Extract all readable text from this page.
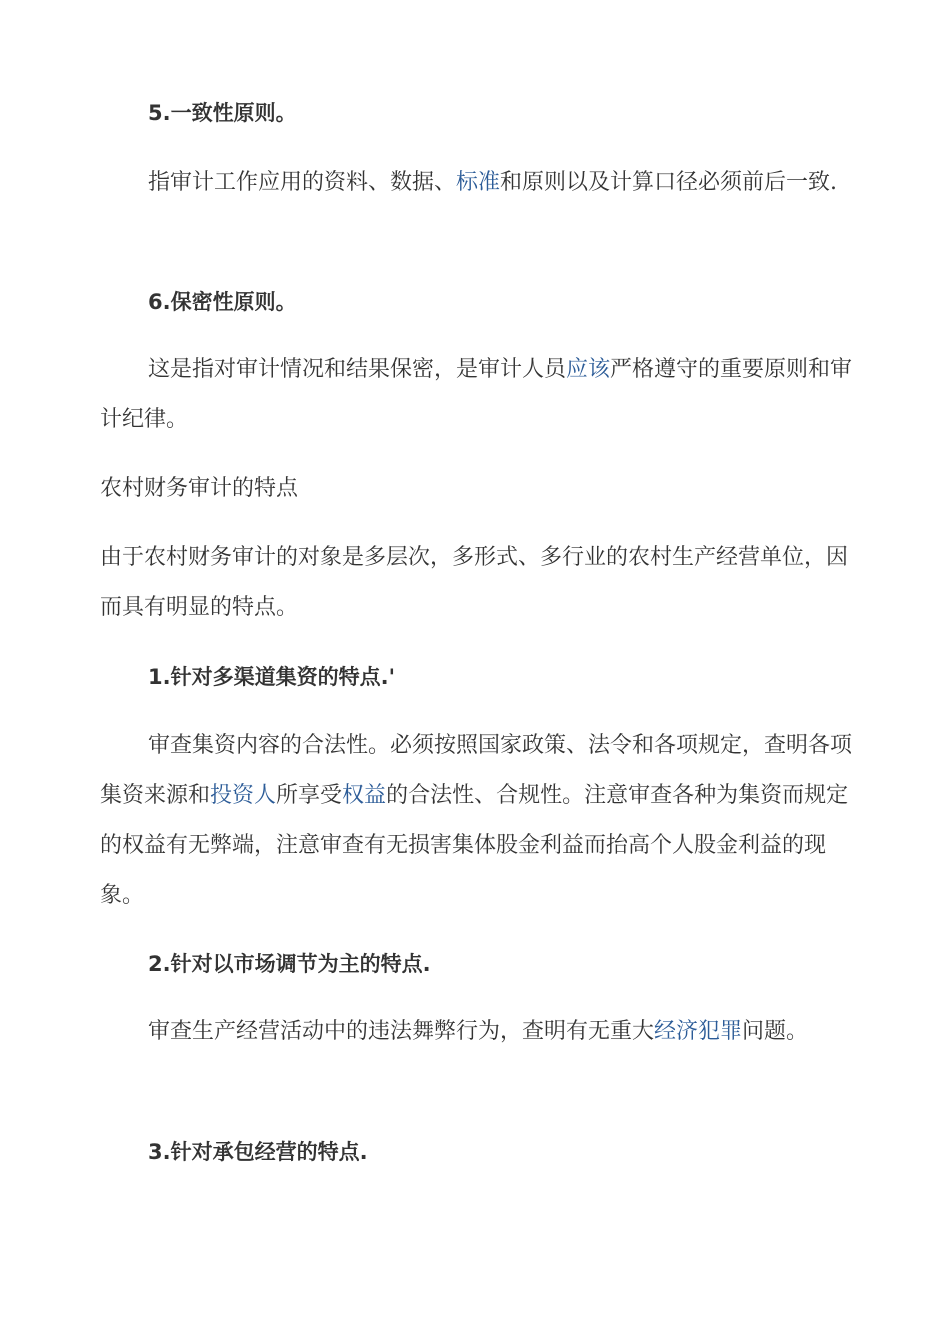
5.一致性原则。
指审计工作应用的资料、数据、标准和原则以及计算口径必须前后一致.
6.保密性原则。
这是指对审计情况和结果保密，是审计人员应该严格遵守的重要原则和审计纪律。
农村财务审计的特点
由于农村财务审计的对象是多层次，多形式、多行业的农村生产经营单位，因而具有明显的特点。
1.针对多渠道集资的特点.'
审查集资内容的合法性。必须按照国家政策、法令和各项规定，查明各项集资来源和投资人所享受权益的合法性、合规性。注意审查各种为集资而规定的权益有无弊端，注意审查有无损害集体股金利益而抬高个人股金利益的现象。
2.针对以市场调节为主的特点.
审查生产经营活动中的违法舞弊行为，查明有无重大经济犯罪问题。
3.针对承包经营的特点.
